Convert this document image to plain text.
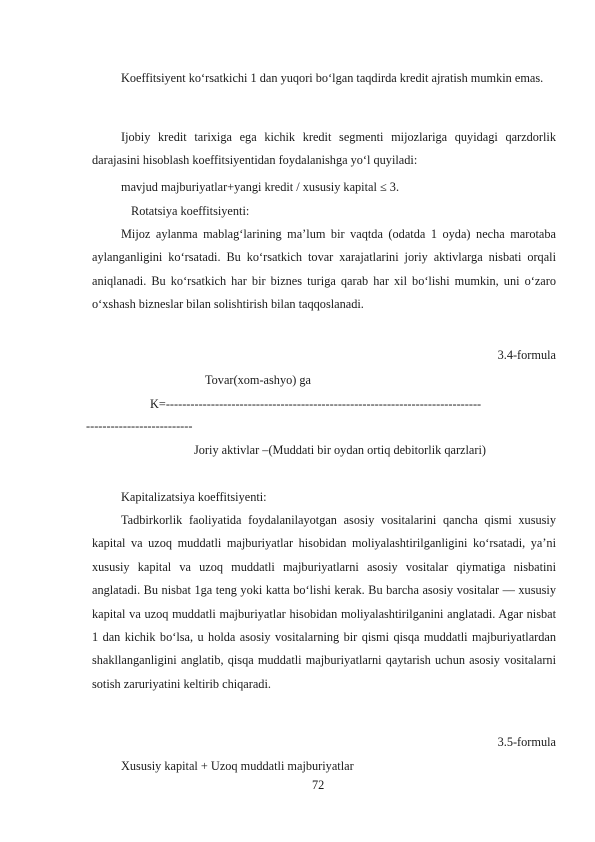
Koeffitsiyent koʻrsatkichi 1 dan yuqori boʻlgan taqdirda kredit ajratish mumkin emas.

Ijobiy kredit tarixiga ega kichik kredit segmenti mijozlariga quyidagi qarzdorlik darajasini hisoblash koeffitsiyentidan foydalanishga yoʻl quyiladi:

mavjud majburiyatlar+yangi kredit / xususiy kapital ≤ 3.

Rotatsiya koeffitsiyenti:

Mijoz aylanma mablagʻlarining maʼlum bir vaqtda (odatda 1 oyda) necha marotaba aylanganligini koʻrsatadi. Bu koʻrsatkich tovar xarajatlarini joriy aktivlarga nisbati orqali aniqlanadi. Bu koʻrsatkich har bir biznes turiga qarab har xil boʻlishi mumkin, uni oʻzaro oʻxshash bizneslar bilan solishtirish bilan taqqoslanadi.

3.4-formula

Tovar(xom-ashyo) ga

K=-----------------------------------------------------------------------------

--------------------------

Joriy aktivlar –(Muddati bir oydan ortiq debitorlik qarzlari)

Kapitalizatsiya koeffitsiyenti:

Tadbirkorlik faoliyatida foydalanilayotgan asosiy vositalarini qancha qismi xususiy kapital va uzoq muddatli majburiyatlar hisobidan moliyalashtirilganligini koʻrsatadi, yaʼni xususiy kapital va uzoq muddatli majburiyatlarni asosiy vositalar qiymatiga nisbatini anglatadi. Bu nisbat 1ga teng yoki katta boʻlishi kerak. Bu barcha asosiy vositalar — xususiy kapital va uzoq muddatli majburiyatlar hisobidan moliyalashtirilganini anglatadi. Agar nisbat 1 dan kichik boʻlsa, u holda asosiy vositalarning bir qismi qisqa muddatli majburiyatlardan shakllanganligini anglatib, qisqa muddatli majburiyatlarni qaytarish uchun asosiy vositalarni sotish zaruriyatini keltirib chiqaradi.

3.5-formula

Xususiy kapital + Uzoq muddatli majburiyatlar

72
